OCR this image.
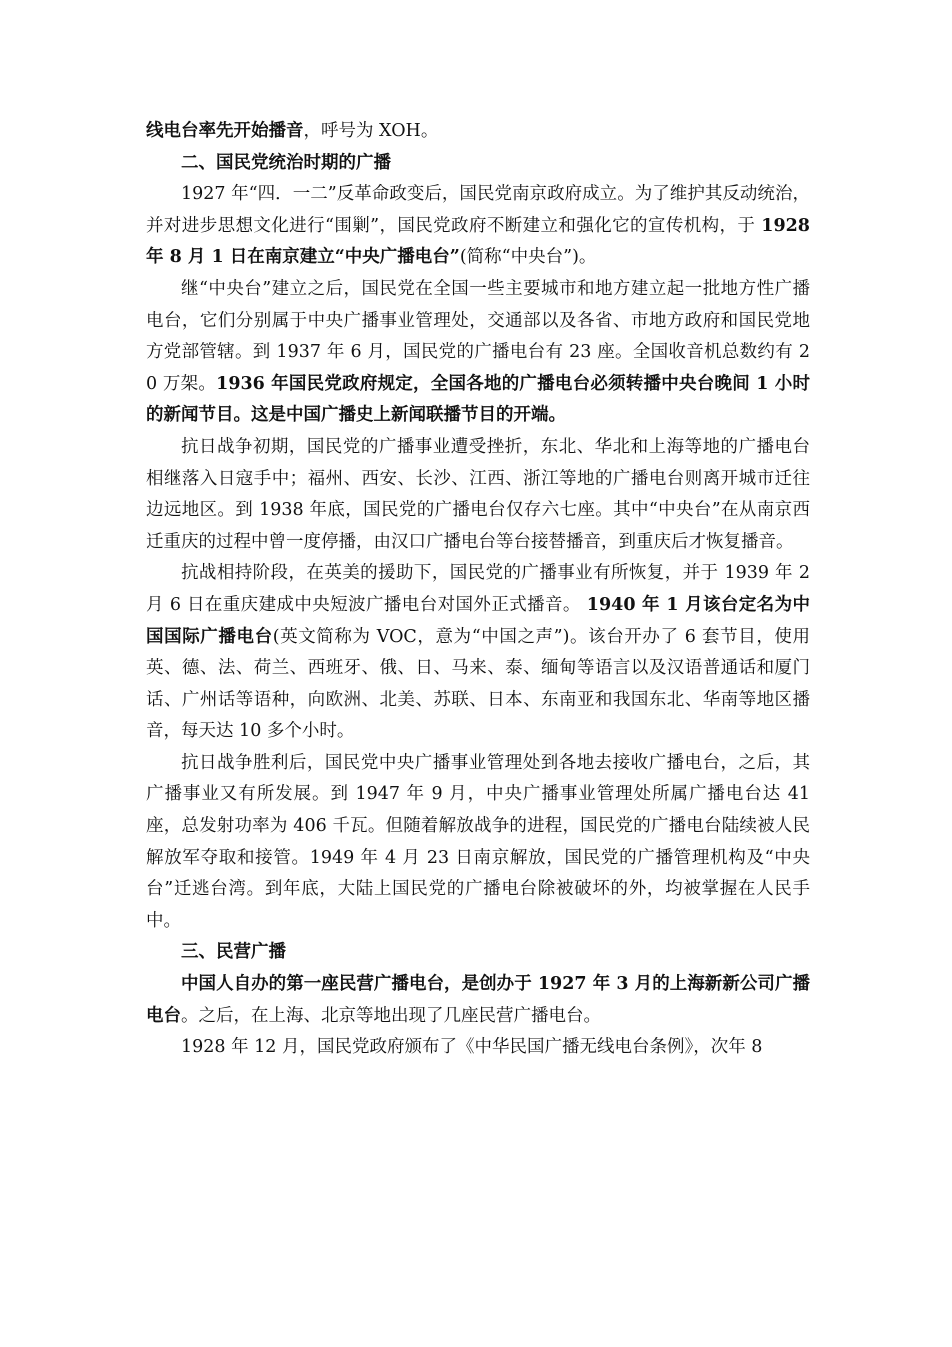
线电台率先开始播音，呼号为 XOH。

二、国民党统治时期的广播

1927 年“四．一二”反革命政变后，国民党南京政府成立。为了维护其反动统治，并对进步思想文化进行“围剿”，国民党政府不断建立和强化它的宣传机构，于 1928 年 8 月 1 日在南京建立“中央广播电台”(简称“中央台”)。

继“中央台”建立之后，国民党在全国一些主要城市和地方建立起一批地方性广播电台，它们分别属于中央广播事业管理处，交通部以及各省、市地方政府和国民党地方党部管辖。到 1937 年 6 月，国民党的广播电台有 23 座。全国收音机总数约有 20 万架。1936 年国民党政府规定，全国各地的广播电台必须转播中央台晚间 1 小时的新闻节目。这是中国广播史上新闻联播节目的开端。

抗日战争初期，国民党的广播事业遭受挫折，东北、华北和上海等地的广播电台相继落入日寇手中；福州、西安、长沙、江西、浙江等地的广播电台则离开城市迁往边远地区。到 1938 年底，国民党的广播电台仅存六七座。其中“中央台”在从南京西迁重庆的过程中曾一度停播，由汉口广播电台等台接替播音，到重庆后才恢复播音。

抗战相持阶段，在英美的援助下，国民党的广播事业有所恢复，并于 1939 年 2 月 6 日在重庆建成中央短波广播电台对国外正式播音。 1940 年 1 月该台定名为中国国际广播电台(英文简称为 VOC，意为“中国之声”)。该台开办了 6 套节目，使用英、德、法、荷兰、西班牙、俄、日、马来、泰、缅甸等语言以及汉语普通话和厦门话、广州话等语种，向欧洲、北美、苏联、日本、东南亚和我国东北、华南等地区播音，每天达 10 多个小时。

抗日战争胜利后，国民党中央广播事业管理处到各地去接收广播电台，之后，其广播事业又有所发展。到 1947 年 9 月，中央广播事业管理处所属广播电台达 41 座，总发射功率为 406 千瓦。但随着解放战争的进程，国民党的广播电台陆续被人民解放军夺取和接管。1949 年 4 月 23 日南京解放，国民党的广播管理机构及“中央台”迁逃台湾。到年底，大陆上国民党的广播电台除被破坏的外，均被掌握在人民手中。

三、民营广播

中国人自办的第一座民营广播电台，是创办于 1927 年 3 月的上海新新公司广播电台。之后，在上海、北京等地出现了几座民营广播电台。

1928 年 12 月，国民党政府颁布了《中华民国广播无线电台条例》，次年 8
